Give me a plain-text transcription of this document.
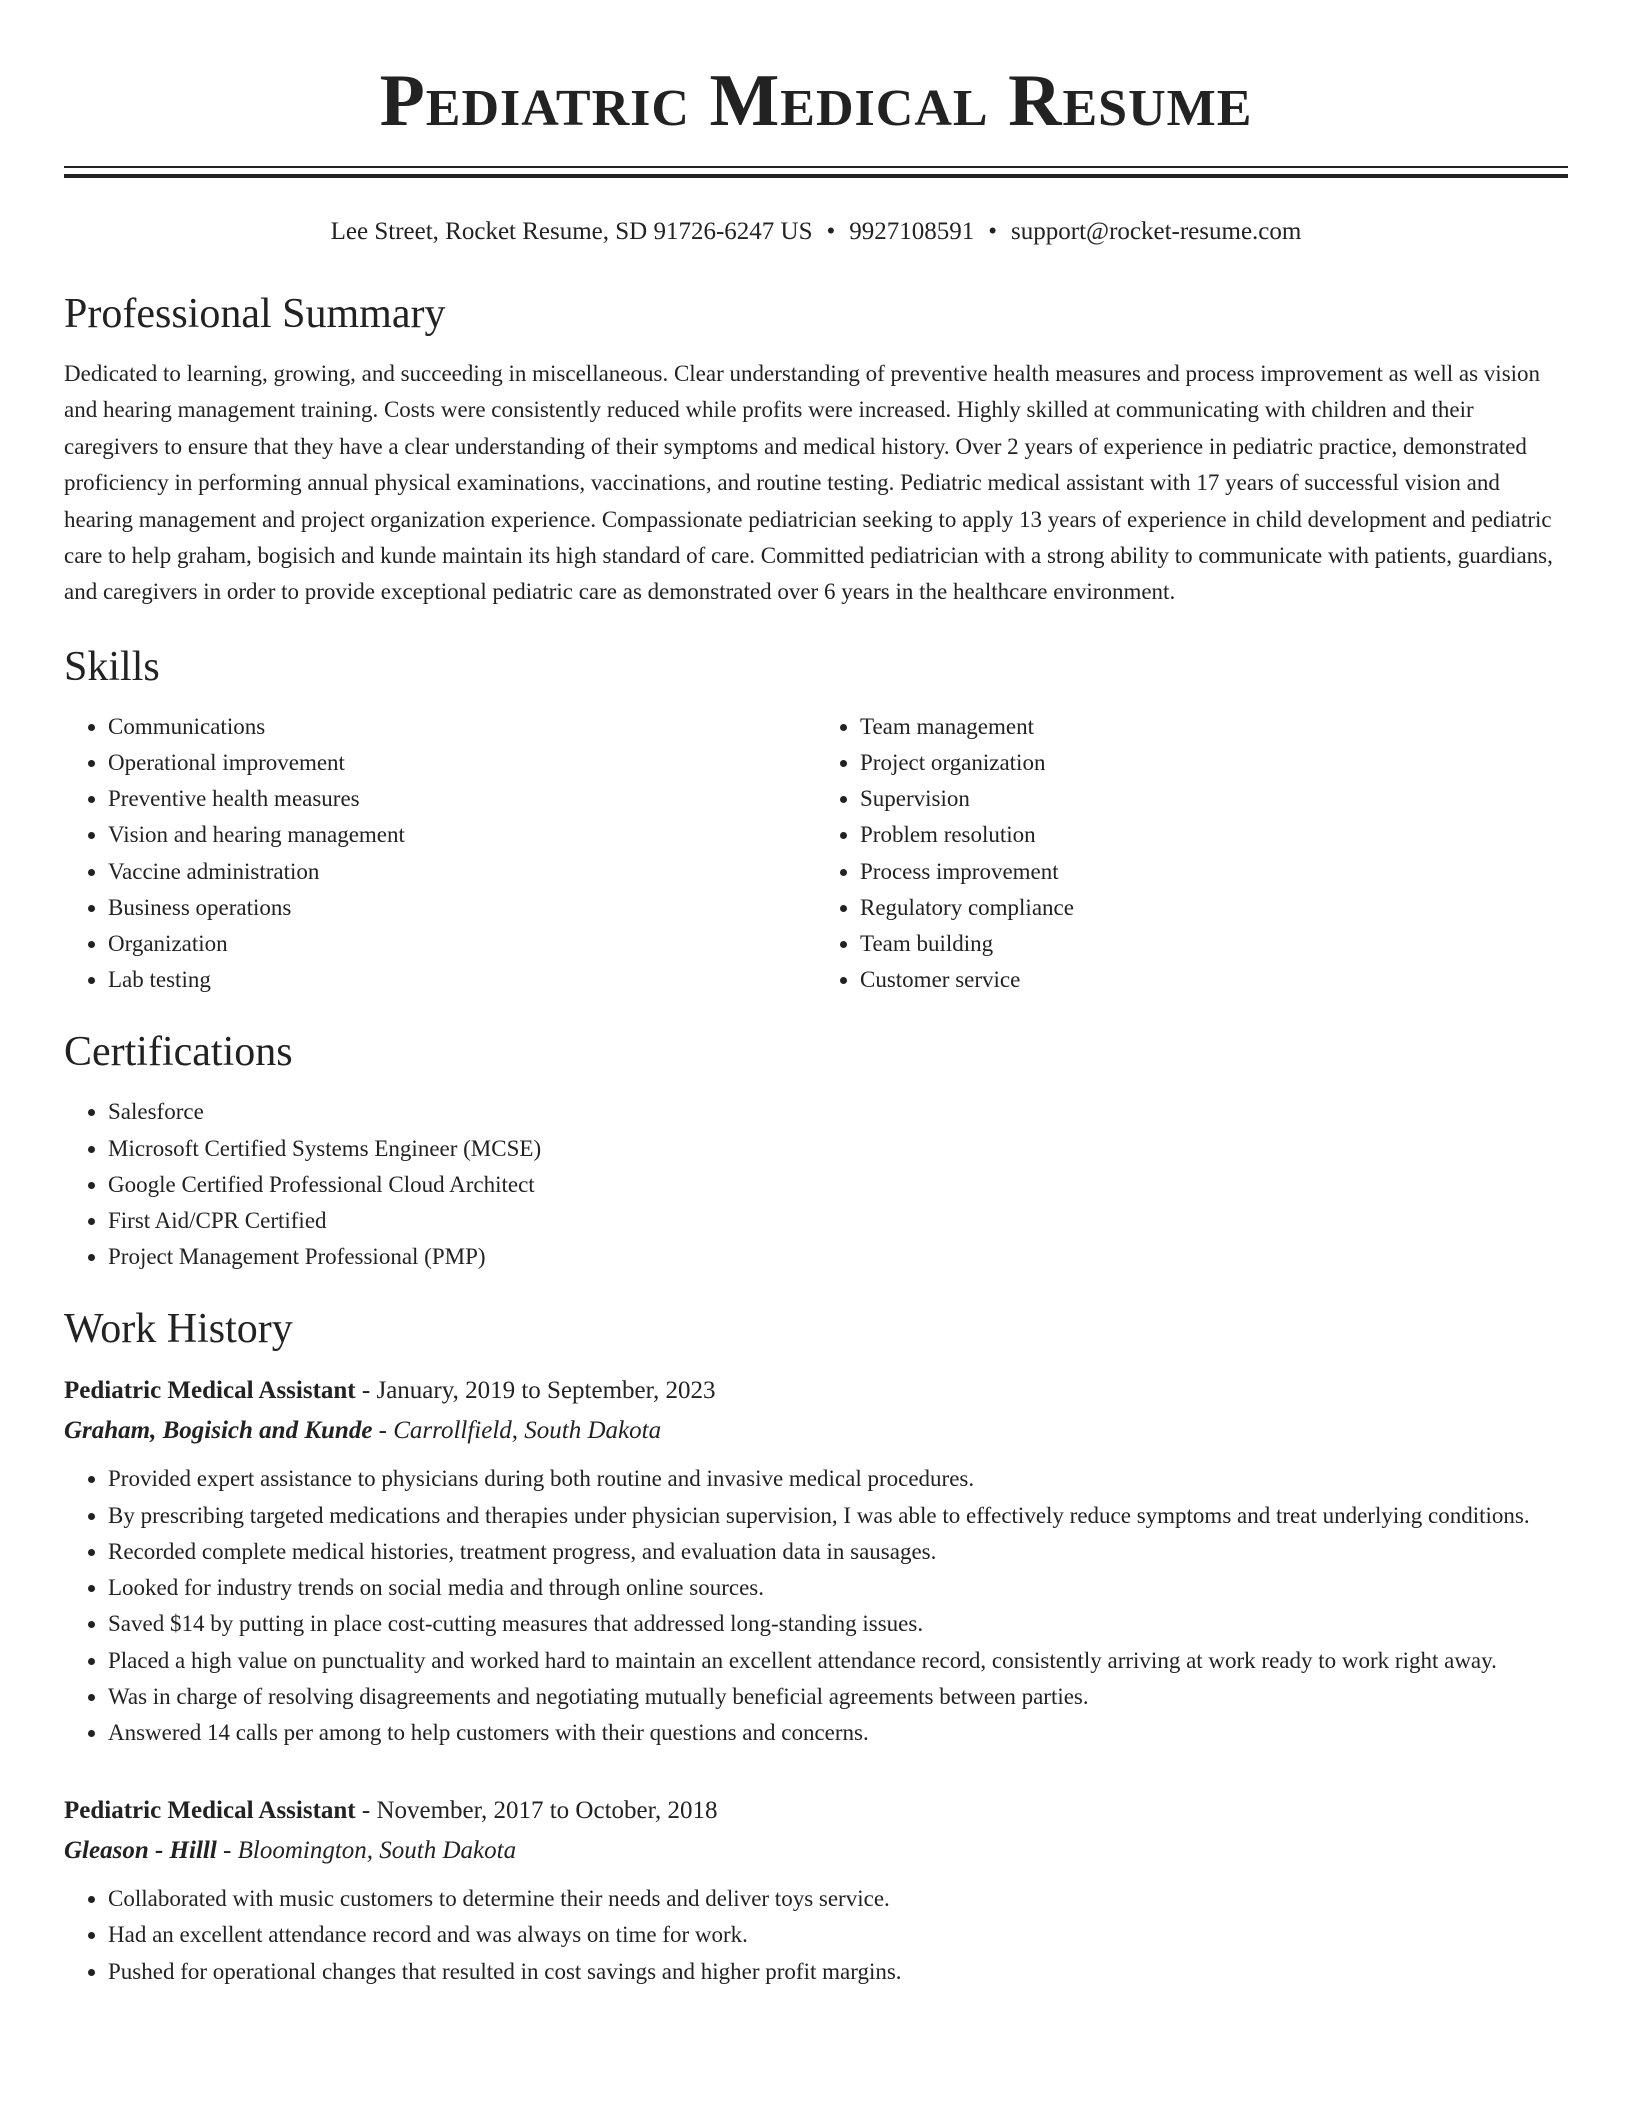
Pediatric Medical Resume
Lee Street, Rocket Resume, SD 91726-6247 US • 9927108591 • support@rocket-resume.com
Professional Summary

Dedicated to learning, growing, and succeeding in miscellaneous. Clear understanding of preventive health measures and process improvement as well as vision and hearing management training. Costs were consistently reduced while profits were increased. Highly skilled at communicating with children and their caregivers to ensure that they have a clear understanding of their symptoms and medical history. Over 2 years of experience in pediatric practice, demonstrated proficiency in performing annual physical examinations, vaccinations, and routine testing. Pediatric medical assistant with 17 years of successful vision and hearing management and project organization experience. Compassionate pediatrician seeking to apply 13 years of experience in child development and pediatric care to help graham, bogisich and kunde maintain its high standard of care. Committed pediatrician with a strong ability to communicate with patients, guardians, and caregivers in order to provide exceptional pediatric care as demonstrated over 6 years in the healthcare environment.

Skills
• Communications
• Operational improvement
• Preventive health measures
• Vision and hearing management
• Vaccine administration
• Business operations
• Organization
• Lab testing
• Team management
• Project organization
• Supervision
• Problem resolution
• Process improvement
• Regulatory compliance
• Team building
• Customer service
Certifications
• Salesforce
• Microsoft Certified Systems Engineer (MCSE)
• Google Certified Professional Cloud Architect
• First Aid/CPR Certified
• Project Management Professional (PMP)
Work History
Pediatric Medical Assistant - January, 2019 to September, 2023
Graham, Bogisich and Kunde - Carrollfield, South Dakota
• Provided expert assistance to physicians during both routine and invasive medical procedures.
• By prescribing targeted medications and therapies under physician supervision, I was able to effectively reduce symptoms and treat underlying conditions.
• Recorded complete medical histories, treatment progress, and evaluation data in sausages.
• Looked for industry trends on social media and through online sources.
• Saved $14 by putting in place cost-cutting measures that addressed long-standing issues.
• Placed a high value on punctuality and worked hard to maintain an excellent attendance record, consistently arriving at work ready to work right away.
• Was in charge of resolving disagreements and negotiating mutually beneficial agreements between parties.
• Answered 14 calls per among to help customers with their questions and concerns.
Pediatric Medical Assistant - November, 2017 to October, 2018
Gleason - Hilll - Bloomington, South Dakota
• Collaborated with music customers to determine their needs and deliver toys service.
• Had an excellent attendance record and was always on time for work.
• Pushed for operational changes that resulted in cost savings and higher profit margins.
